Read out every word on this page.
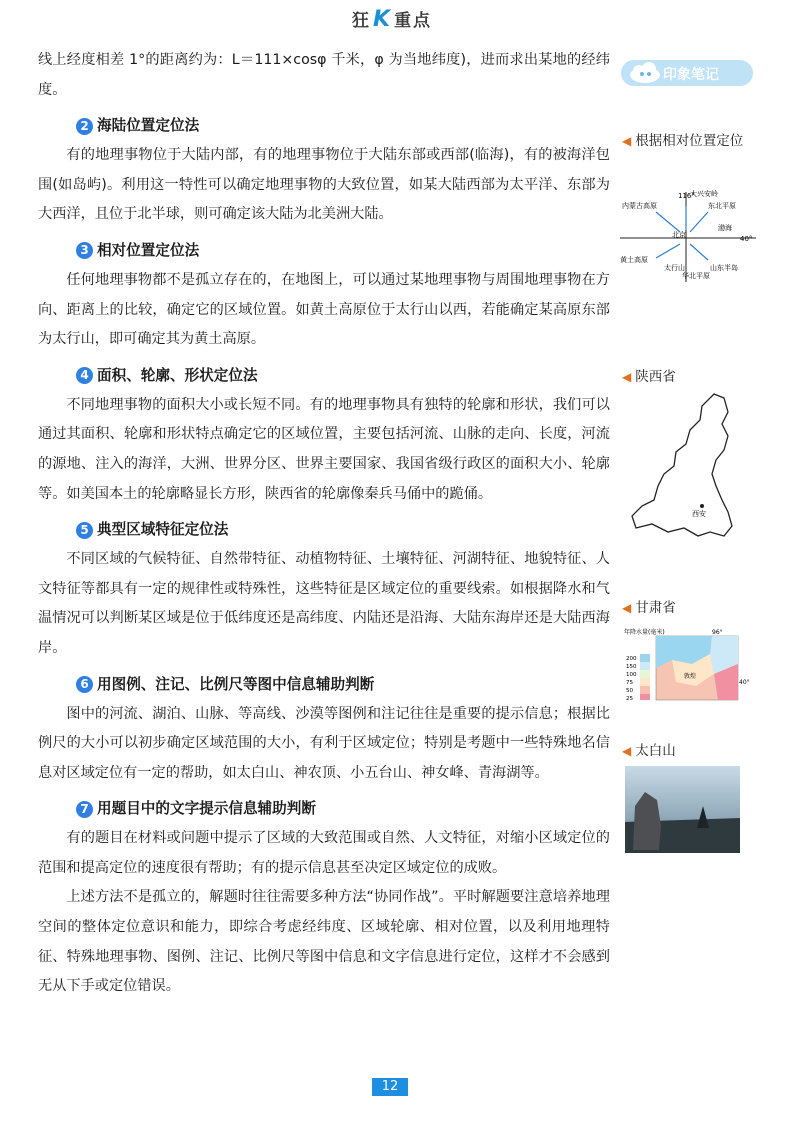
狂K 重点

线上经度相差 1°的距离约为：L＝111×cosφ 千米，φ 为当地纬度)，进而求出某地的经纬度。

2 海陆位置定位法

有的地理事物位于大陆内部，有的地理事物位于大陆东部或西部(临海)，有的被海洋包围(如岛屿)。利用这一特性可以确定地理事物的大致位置，如某大陆西部为太平洋、东部为大西洋，且位于北半球，则可确定该大陆为北美洲大陆。

3 相对位置定位法

任何地理事物都不是孤立存在的，在地图上，可以通过某地理事物与周围地理事物在方向、距离上的比较，确定它的区域位置。如黄土高原位于太行山以西，若能确定某高原东部为太行山，即可确定其为黄土高原。

4 面积、轮廓、形状定位法

不同地理事物的面积大小或长短不同。有的地理事物具有独特的轮廓和形状，我们可以通过其面积、轮廓和形状特点确定它的区域位置，主要包括河流、山脉的走向、长度，河流的源地、注入的海洋，大洲、世界分区、世界主要国家、我国省级行政区的面积大小、轮廓等。如美国本土的轮廓略显长方形，陕西省的轮廓像秦兵马俑中的跪俑。

5 典型区域特征定位法

不同区域的气候特征、自然带特征、动植物特征、土壤特征、河湖特征、地貌特征、人文特征等都具有一定的规律性或特殊性，这些特征是区域定位的重要线索。如根据降水和气温情况可以判断某区域是位于低纬度还是高纬度、内陆还是沿海、大陆东海岸还是大陆西海岸。

6 用图例、注记、比例尺等图中信息辅助判断

图中的河流、湖泊、山脉、等高线、沙漠等图例和注记往往是重要的提示信息；根据比例尺的大小可以初步确定区域范围的大小，有利于区域定位；特别是考题中一些特殊地名信息对区域定位有一定的帮助，如太白山、神农顶、小五台山、神女峰、青海湖等。

7 用题目中的文字提示信息辅助判断

有的题目在材料或问题中提示了区域的大致范围或自然、人文特征，对缩小区域定位的范围和提高定位的速度很有帮助；有的提示信息甚至决定区域定位的成败。

上述方法不是孤立的，解题时往往需要多种方法“协同作战”。平时解题要注意培养地理空间的整体定位意识和能力，即综合考虑经纬度、区域轮廓、相对位置，以及利用地理特征、特殊地理事物、图例、注记、比例尺等图中信息和文字信息进行定位，这样才不会感到无从下手或定位错误。

印象笔记
◀ 根据相对位置定位
116°
40°
内蒙古高原
大兴安岭
东北平原
渤海
北京
黄土高原
太行山
华北平原
山东半岛
◀ 陕西省
西安
◀ 甘肃省
年降水量(毫米)
200
150
100
75
50
25
敦煌
96°
40°
◀ 太白山
12
